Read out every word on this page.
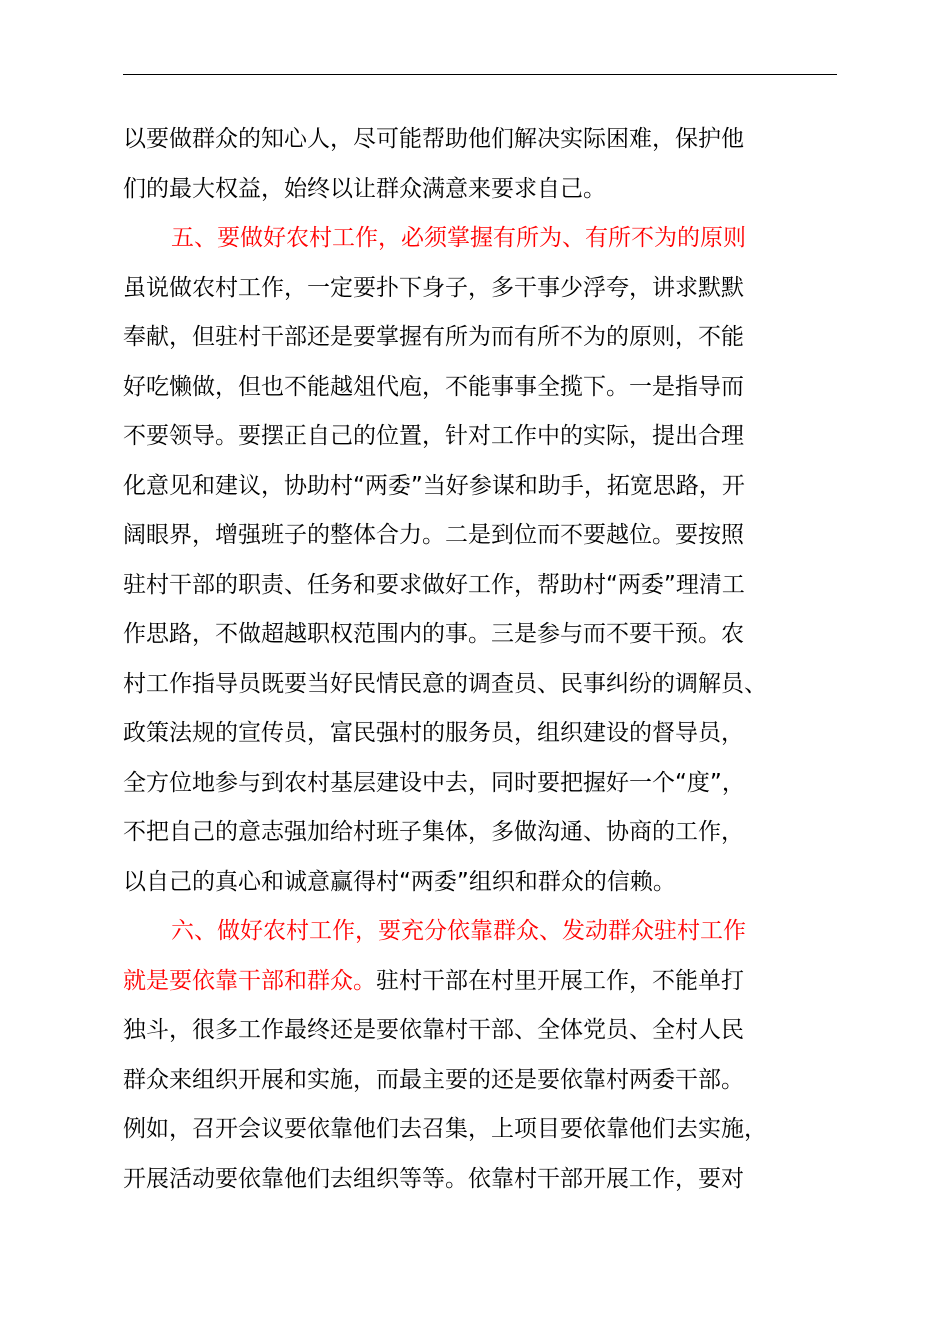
以要做群众的知心人，尽可能帮助他们解决实际困难，保护他
们的最大权益，始终以让群众满意来要求自己。
五、要做好农村工作，必须掌握有所为、有所不为的原则
虽说做农村工作，一定要扑下身子，多干事少浮夸，讲求默默
奉献，但驻村干部还是要掌握有所为而有所不为的原则，不能
好吃懒做，但也不能越俎代庖，不能事事全揽下。一是指导而
不要领导。要摆正自己的位置，针对工作中的实际，提出合理
化意见和建议，协助村“两委”当好参谋和助手，拓宽思路，开
阔眼界，增强班子的整体合力。二是到位而不要越位。要按照
驻村干部的职责、任务和要求做好工作，帮助村“两委”理清工
作思路，不做超越职权范围内的事。三是参与而不要干预。农
村工作指导员既要当好民情民意的调查员、民事纠纷的调解员、
政策法规的宣传员，富民强村的服务员，组织建设的督导员，
全方位地参与到农村基层建设中去，同时要把握好一个“度”，
不把自己的意志强加给村班子集体，多做沟通、协商的工作，
以自己的真心和诚意赢得村“两委”组织和群众的信赖。
六、做好农村工作，要充分依靠群众、发动群众驻村工作
就是要依靠干部和群众。驻村干部在村里开展工作，不能单打
独斗，很多工作最终还是要依靠村干部、全体党员、全村人民
群众来组织开展和实施，而最主要的还是要依靠村两委干部。
例如，召开会议要依靠他们去召集，上项目要依靠他们去实施，
开展活动要依靠他们去组织等等。依靠村干部开展工作，要对
